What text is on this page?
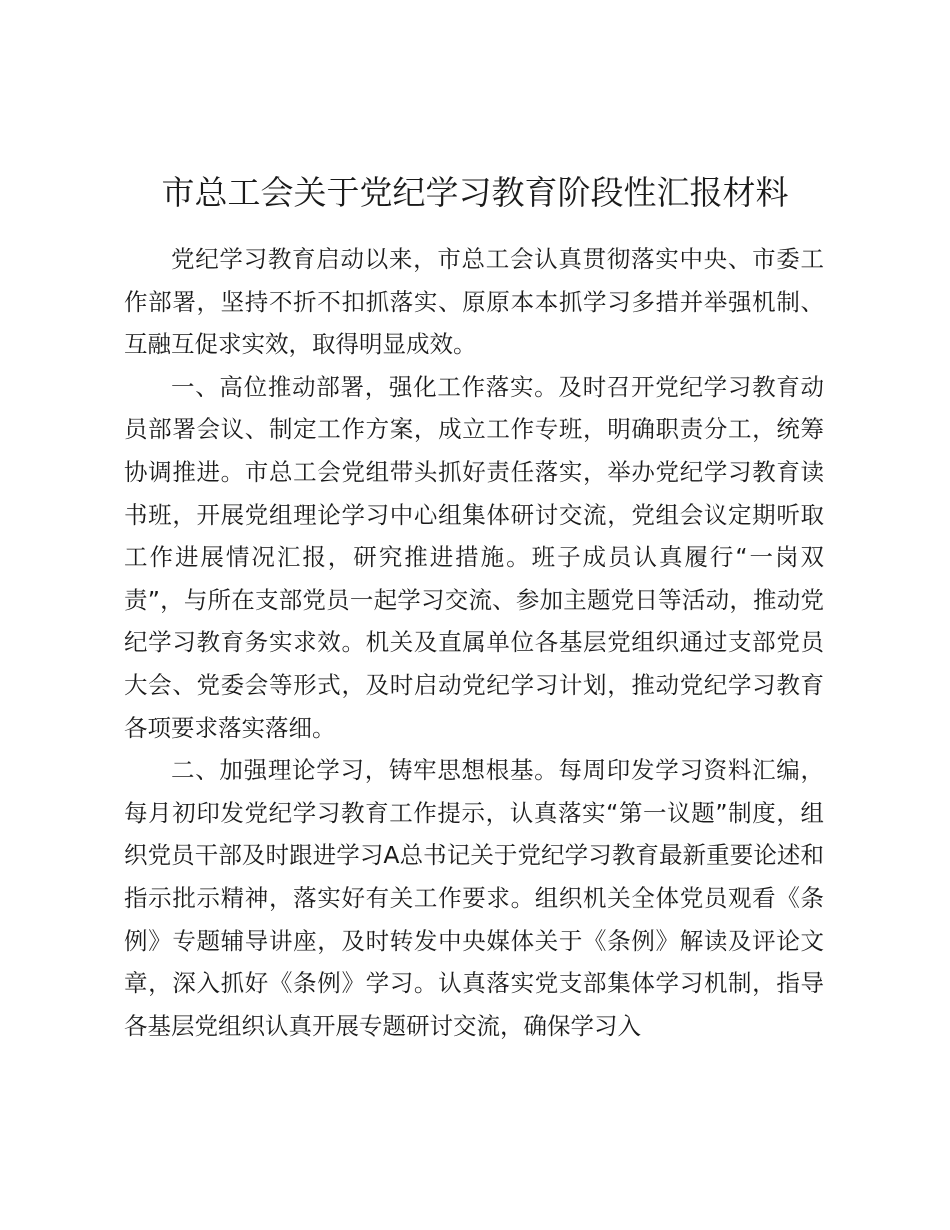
市总工会关于党纪学习教育阶段性汇报材料

党纪学习教育启动以来，市总工会认真贯彻落实中央、市委工作部署，坚持不折不扣抓落实、原原本本抓学习多措并举强机制、互融互促求实效，取得明显成效。

一、高位推动部署，强化工作落实。及时召开党纪学习教育动员部署会议、制定工作方案，成立工作专班，明确职责分工，统筹协调推进。市总工会党组带头抓好责任落实，举办党纪学习教育读书班，开展党组理论学习中心组集体研讨交流，党组会议定期听取工作进展情况汇报，研究推进措施。班子成员认真履行“一岗双责”，与所在支部党员一起学习交流、参加主题党日等活动，推动党纪学习教育务实求效。机关及直属单位各基层党组织通过支部党员大会、党委会等形式，及时启动党纪学习计划，推动党纪学习教育各项要求落实落细。

二、加强理论学习，铸牢思想根基。每周印发学习资料汇编，每月初印发党纪学习教育工作提示，认真落实“第一议题”制度，组织党员干部及时跟进学习A总书记关于党纪学习教育最新重要论述和指示批示精神，落实好有关工作要求。组织机关全体党员观看《条例》专题辅导讲座，及时转发中央媒体关于《条例》解读及评论文章，深入抓好《条例》学习。认真落实党支部集体学习机制，指导各基层党组织认真开展专题研讨交流，确保学习入
